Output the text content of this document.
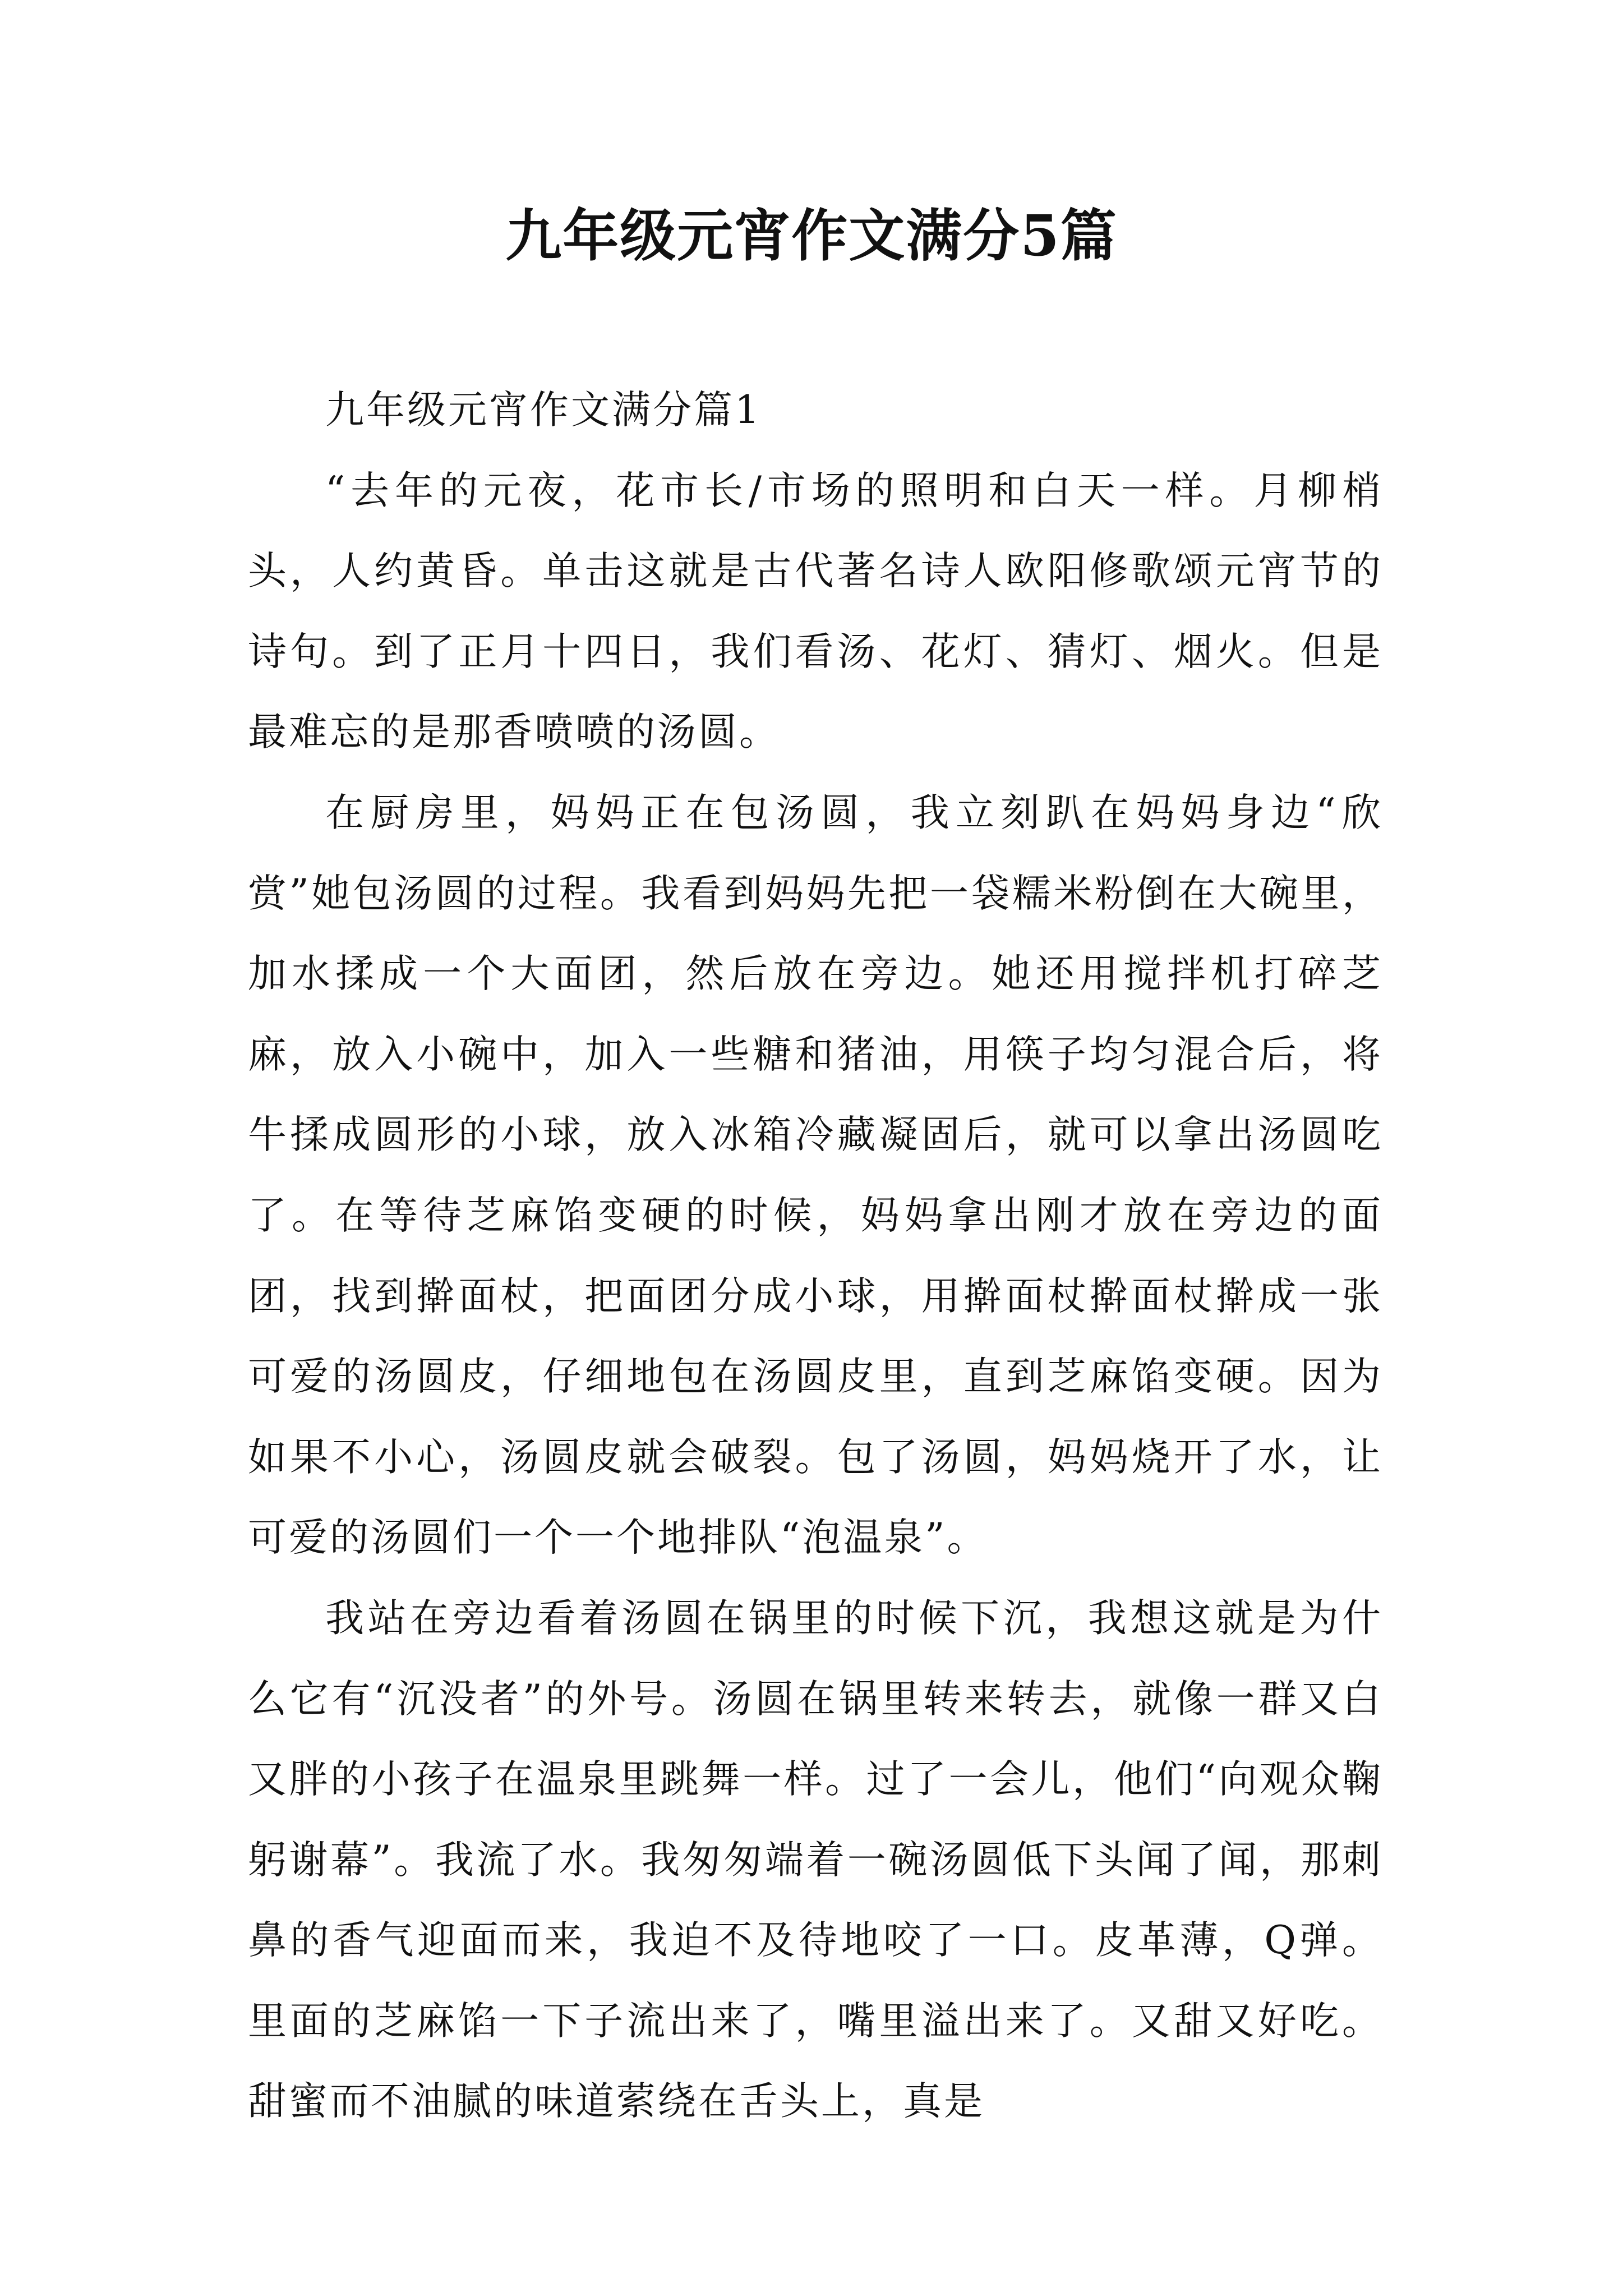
九年级元宵作文满分5篇

九年级元宵作文满分篇1

“去年的元夜，花市长/市场的照明和白天一样。月柳梢头，人约黄昏。单击这就是古代著名诗人欧阳修歌颂元宵节的诗句。到了正月十四日，我们看汤、花灯、猜灯、烟火。但是最难忘的是那香喷喷的汤圆。

在厨房里，妈妈正在包汤圆，我立刻趴在妈妈身边“欣赏”她包汤圆的过程。我看到妈妈先把一袋糯米粉倒在大碗里，加水揉成一个大面团，然后放在旁边。她还用搅拌机打碎芝麻，放入小碗中，加入一些糖和猪油，用筷子均匀混合后，将牛揉成圆形的小球，放入冰箱冷藏凝固后，就可以拿出汤圆吃了。在等待芝麻馅变硬的时候，妈妈拿出刚才放在旁边的面团，找到擀面杖，把面团分成小球，用擀面杖擀面杖擀成一张可爱的汤圆皮，仔细地包在汤圆皮里，直到芝麻馅变硬。因为如果不小心，汤圆皮就会破裂。包了汤圆，妈妈烧开了水，让可爱的汤圆们一个一个地排队“泡温泉”。

我站在旁边看着汤圆在锅里的时候下沉，我想这就是为什么它有“沉没者”的外号。汤圆在锅里转来转去，就像一群又白又胖的小孩子在温泉里跳舞一样。过了一会儿，他们“向观众鞠躬谢幕”。我流了水。我匆匆端着一碗汤圆低下头闻了闻，那刺鼻的香气迎面而来，我迫不及待地咬了一口。皮革薄，Q弹。里面的芝麻馅一下子流出来了，嘴里溢出来了。又甜又好吃。甜蜜而不油腻的味道萦绕在舌头上，真是
